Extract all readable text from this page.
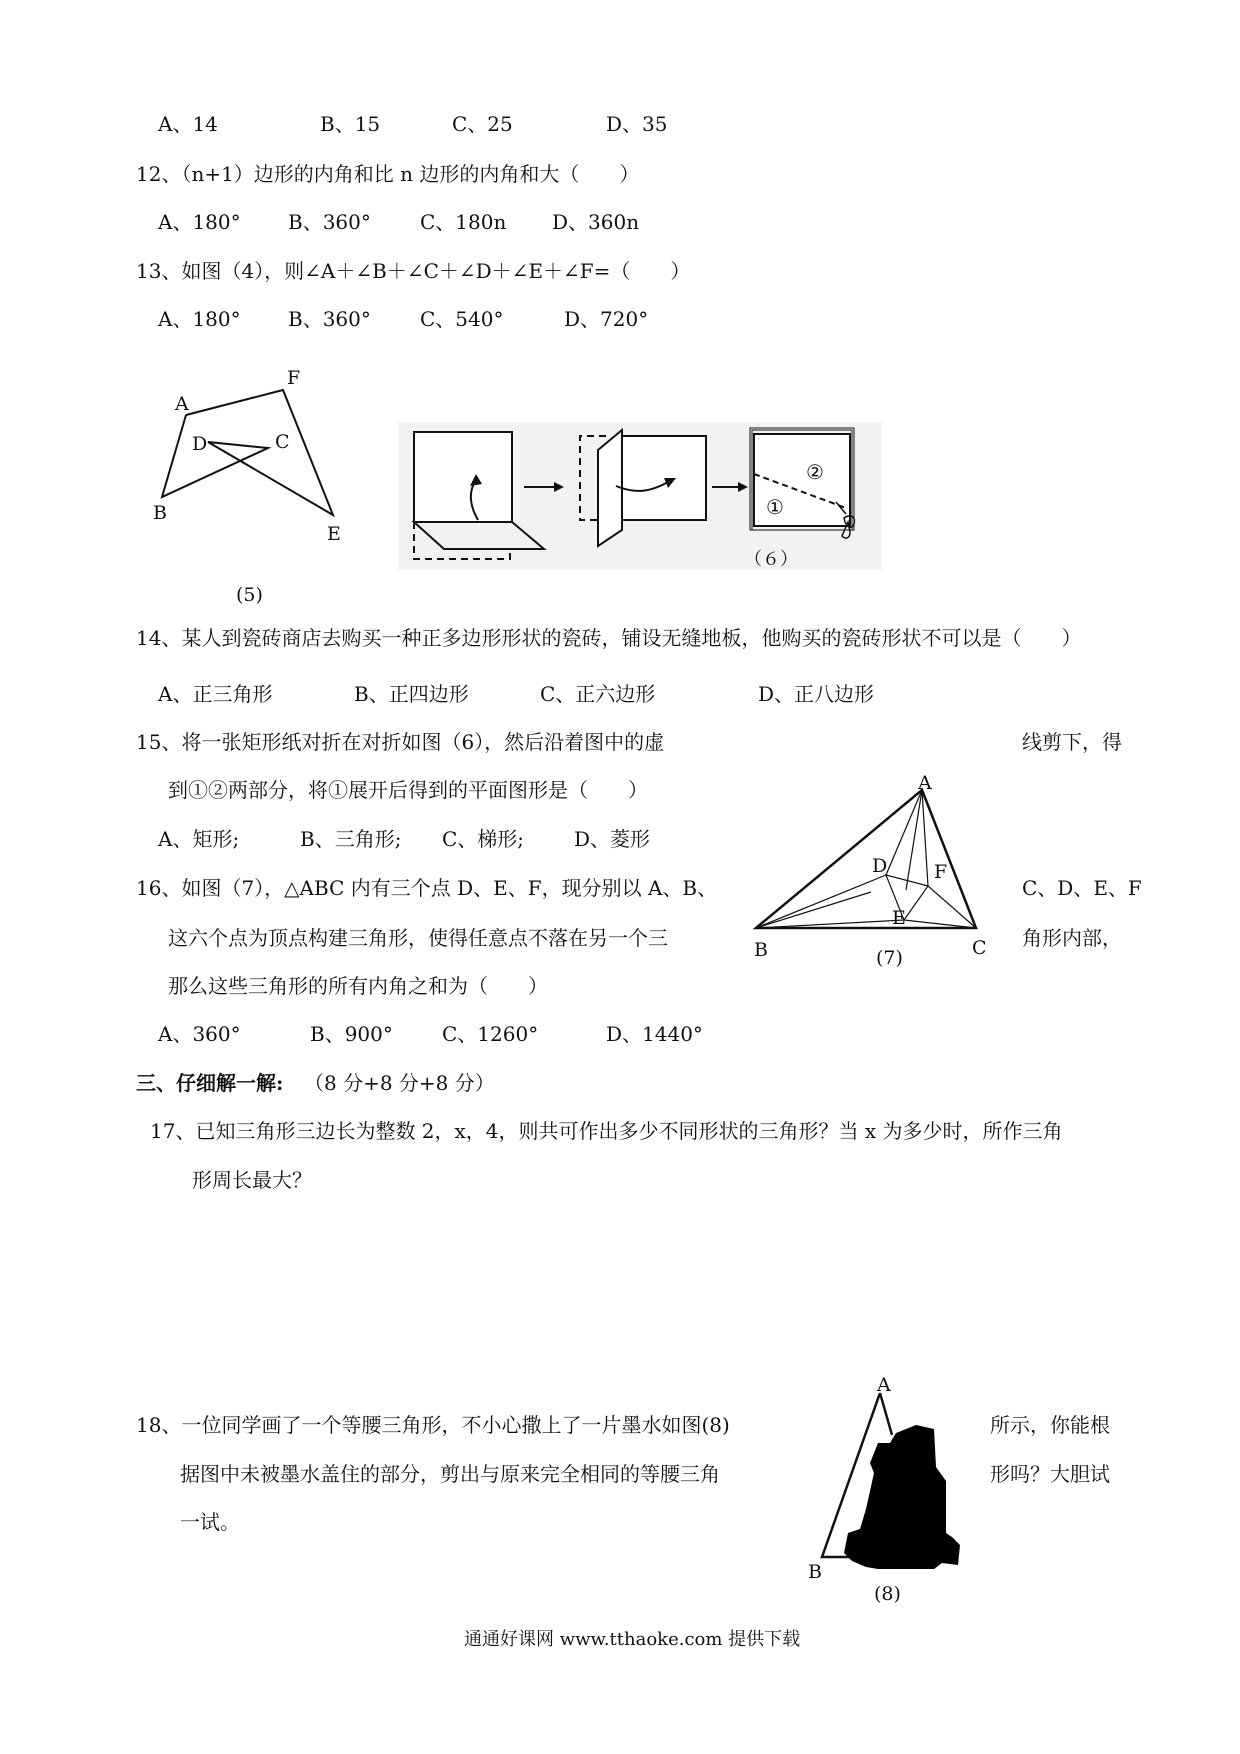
A、14	B、15	C、25	D、35
12、（n+1）边形的内角和比 n 边形的内角和大（　　）
A、180° B、360° C、180n D、360n
13、如图（4），则∠A＋∠B＋∠C＋∠D＋∠E＋∠F=（　　）
A、180° B、360° C、540°	D、720°
A
F
D	C
B
E
(5)
②
①
（６）
14、某人到瓷砖商店去购买一种正多边形形状的瓷砖，铺设无缝地板，他购买的瓷砖形状不可以是（　　）
A、正三角形	B、正四边形	C、正六边形	D、正八边形
15、将一张矩形纸对折在对折如图（6），然后沿着图中的虚	线剪下，得
到①②两部分，将①展开后得到的平面图形是（　　）
A、矩形;	B、三角形; C、梯形; D、菱形
A
D F
E
B	C
(7)
16、如图（7），△ABC 内有三个点 D、E、F，现分别以 A、B、	C、D、E、F
这六个点为顶点构建三角形，使得任意点不落在另一个三	角形内部，
那么这些三角形的所有内角之和为（　　）
A、360°	B、900° C、1260°	D、1440°
三、仔细解一解: （8 分+8 分+8 分）
17、已知三角形三边长为整数 2，x，4，则共可作出多少不同形状的三角形？当 x 为多少时，所作三角
形周长最大？
18、一位同学画了一个等腰三角形，不小心撒上了一片墨水如图(8)	所示，你能根
据图中未被墨水盖住的部分，剪出与原来完全相同的等腰三角	形吗？大胆试
一试。
A
B
(8)
通通好课网 www.tthaoke.com 提供下载
